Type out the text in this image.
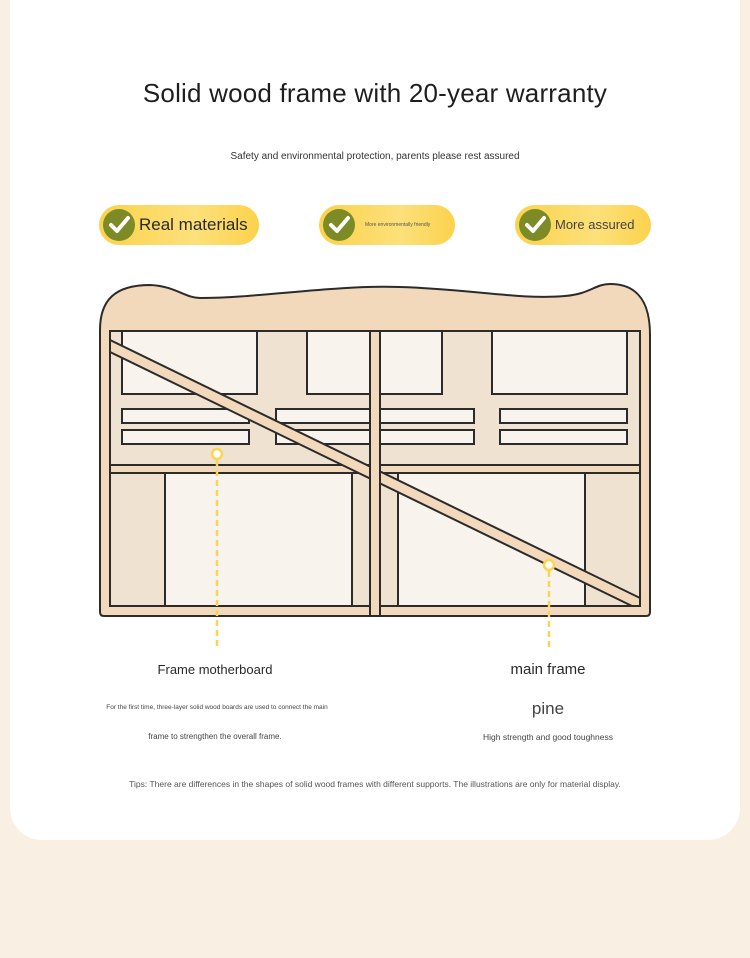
Solid wood frame with 20-year warranty
Safety and environmental protection, parents please rest assured
Real materials	More environmentally friendly	More assured
Frame motherboard
For the first time, three-layer solid wood boards are used to connect the main
frame to strengthen the overall frame.
main frame
pine
High strength and good toughness
Tips: There are differences in the shapes of solid wood frames with different supports. The illustrations are only for material display.
